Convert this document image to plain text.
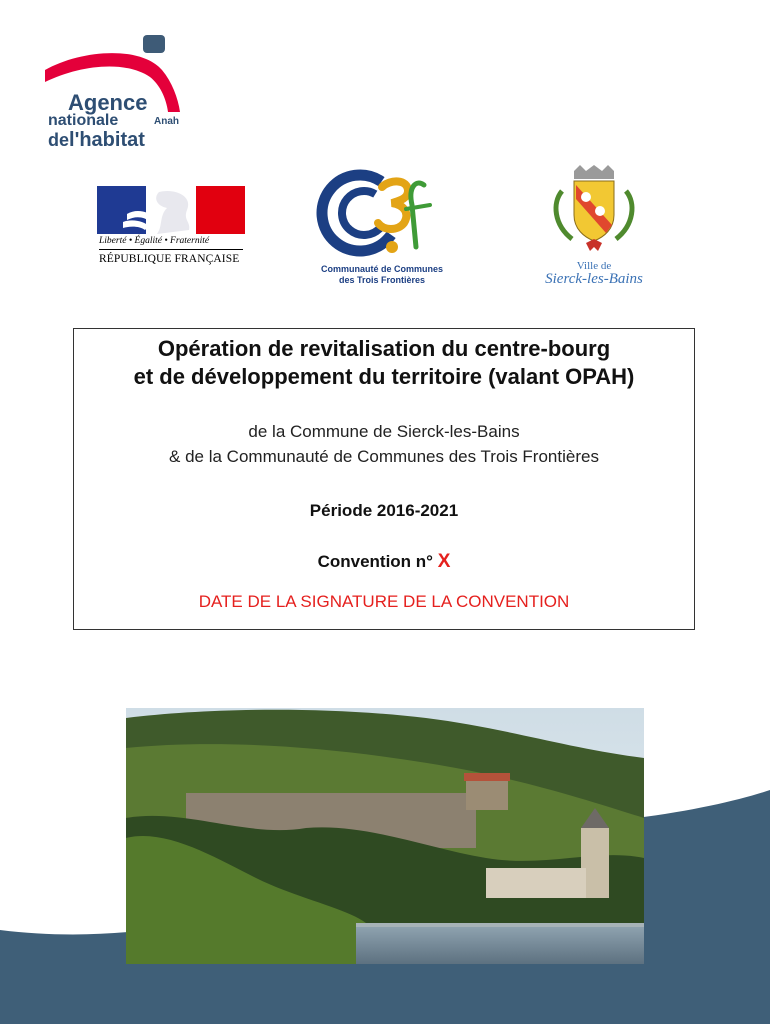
Agence
nationale	Anah
del'habitat
Liberté • Égalité • Fraternité
RÉPUBLIQUE FRANÇAISE
Communauté de Communes
des Trois Frontières
Ville de
Sierck-les-Bains
Opération de revitalisation du centre-bourg
et de développement du territoire (valant OPAH)
de la Commune de Sierck-les-Bains
& de la Communauté de Communes des Trois Frontières
Période 2016-2021
Convention n° X
DATE DE LA SIGNATURE DE LA CONVENTION
